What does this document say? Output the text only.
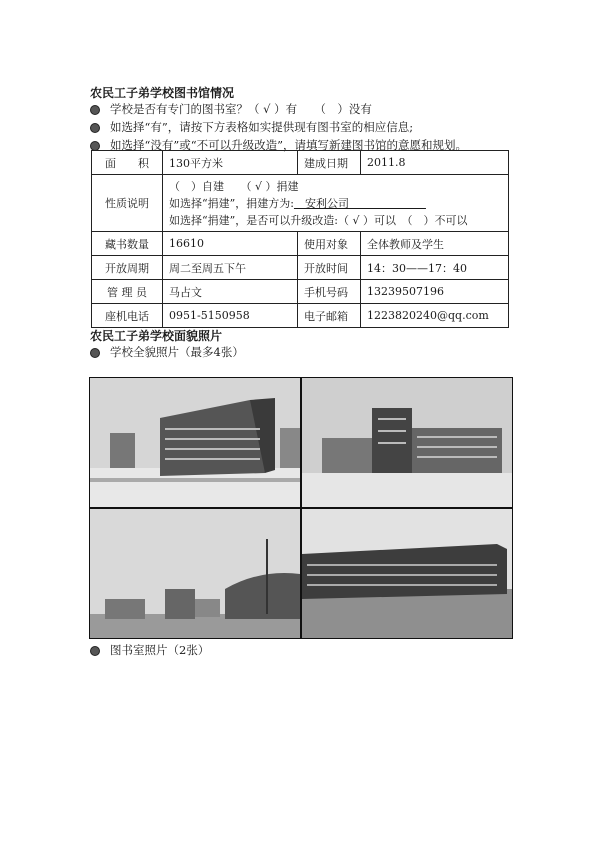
农民工子弟学校图书馆情况
学校是否有专门的图书室？（ √ ）有　　（　）没有
如选择“有”，请按下方表格如实提供现有图书室的相应信息;
如选择“没有”或“不可以升级改造”，请填写新建图书馆的意愿和规划。
面　　积	130平方米	建成日期	2011.8
性质说明	（　）自建　　（ √ ）捐建
如选择“捐建”，捐建方为:　安利公司　　　　　　　
如选择“捐建”，是否可以升级改造:（ √ ）可以　（　）不可以		

藏书数量	16610	使用对象	全体教师及学生
开放周期	周二至周五下午	开放时间	14：30——17：40
管 理 员	马占文	手机号码	13239507196
座机电话	0951-5150958	电子邮箱	1223820240@qq.com
农民工子弟学校面貌照片
学校全貌照片（最多4张）
图书室照片（2张）
